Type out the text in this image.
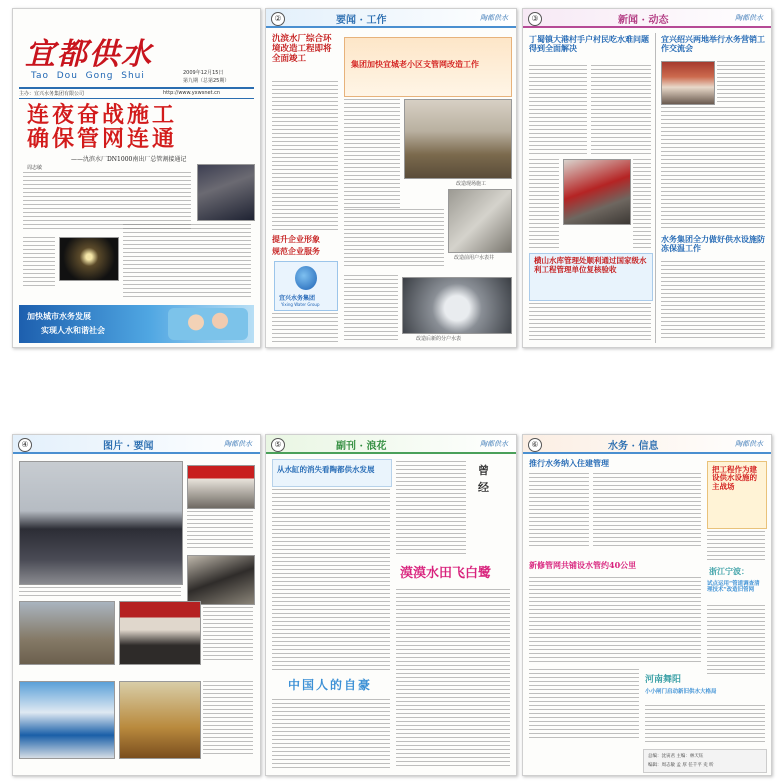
宜都供水
Tao  Dou  Gong  Shui	2009年12月15日
第九期（总第25期）
主办：宜兴水务集团有限公司	http://www.yxwsnet.cn
连夜奋战施工
确保管网连通
——氿滨水厂DN1000南出厂总管割接通记
周志敏
加快城市水务发展
实现人水和谐社会
②	要闻 · 工作	陶都供水
氿滨水厂综合环境改造工程即将全面竣工
集团加快宜城老小区支管网改造工作
改造现场施工
改造前用户水表井
提升企业形象
规范企业服务
宜兴水务集团
Yixing Water Group
改造后新的分户水表
③	新闻 · 动态	陶都供水
丁蜀镇大港村手户村民吃水难问题得到全面解决
横山水库管理处顺利通过国家级水利工程管理单位复核验收
宜兴绍兴两地举行水务营销工作交流会
水务集团全力做好供水设施防冻保温工作
④	图片 · 要闻	陶都供水	⑤	副刊 · 浪花	陶都供水
从水缸的消失看陶都供水发展	曾经
漠漠水田飞白鹭
中国人的自豪
⑥	水务 · 信息	陶都供水
推行水务纳入住建管理
新修管网共铺设水管约40公里
把工程作为建设供水设施的主战场
浙江宁波：
试点运用“管道调查清理技术”改造旧管网
河南舞阳
小小闸门启动新旧供水大格局
总编：沈寅君 主编：林天钰
编辑：周志敏 孟 厚 任千平 史 昕
